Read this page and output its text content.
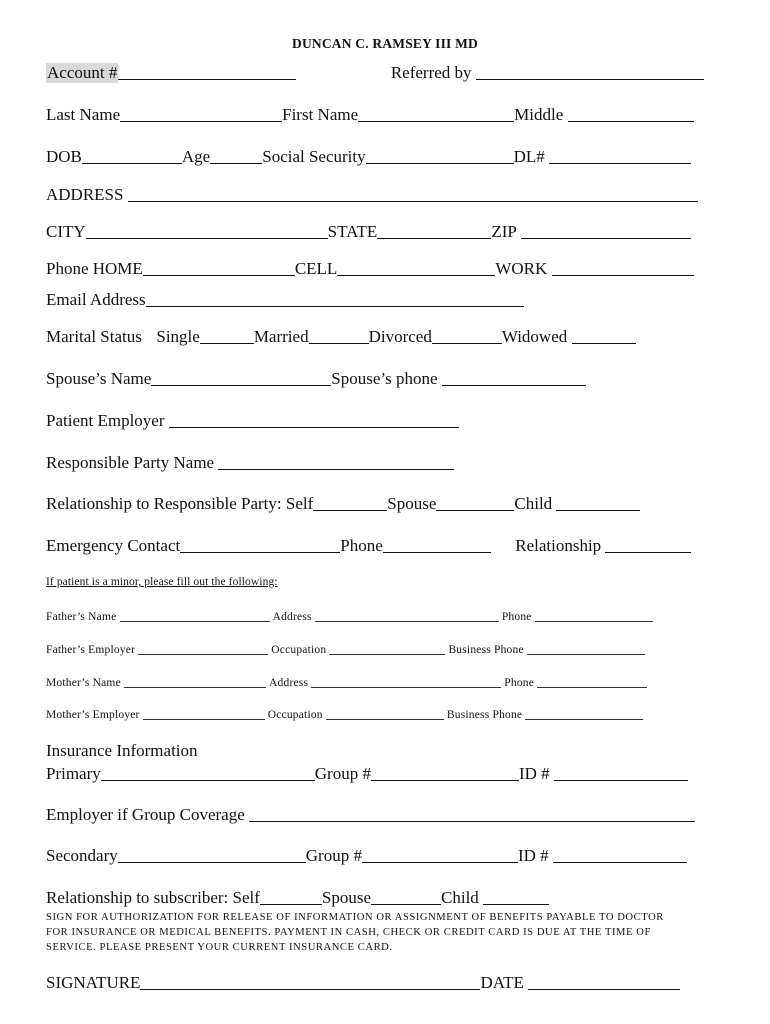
DUNCAN C. RAMSEY III MD
Account #	Referred by
Last Name	First Name	Middle
DOB	Age	Social Security	DL#
ADDRESS
CITY	STATE	ZIP
Phone HOME	CELL	WORK
Email Address
Marital Status Single	Married	Divorced	Widowed
Spouse’s Name	Spouse’s phone
Patient Employer
Responsible Party Name
Relationship to Responsible Party: Self	Spouse	Child
Emergency Contact	Phone	Relationship
If patient is a minor, please fill out the following:
Father’s Name	Address	Phone
Father’s Employer	Occupation	Business Phone
Mother’s Name	Address	Phone
Mother’s Employer	Occupation	Business Phone
Insurance Information
Primary	Group #	ID #
Employer if Group Coverage
Secondary	Group #	ID #
Relationship to subscriber: Self	Spouse	Child
SIGN FOR AUTHORIZATION FOR RELEASE OF INFORMATION OR ASSIGNMENT OF BENEFITS PAYABLE TO DOCTOR FOR INSURANCE OR MEDICAL BENEFITS. PAYMENT IN CASH, CHECK OR CREDIT CARD IS DUE AT THE TIME OF SERVICE. PLEASE PRESENT YOUR CURRENT INSURANCE CARD.
SIGNATURE	DATE
